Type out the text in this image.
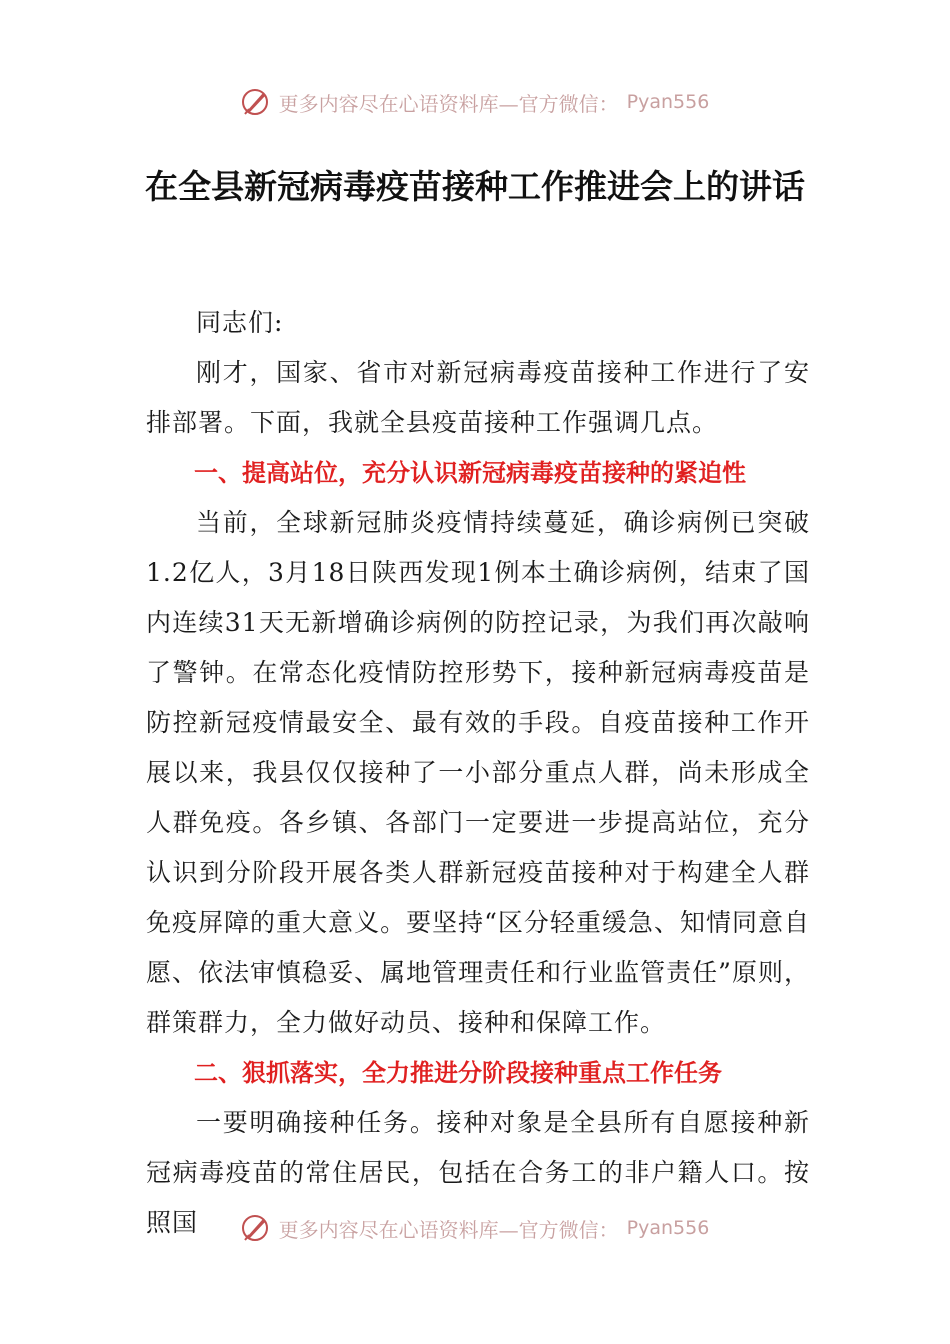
更多内容尽在心语资料库—官方微信： Pyan556
在全县新冠病毒疫苗接种工作推进会上的讲话

同志们:

刚才，国家、省市对新冠病毒疫苗接种工作进行了安排部署。下面，我就全县疫苗接种工作强调几点。

一、提高站位，充分认识新冠病毒疫苗接种的紧迫性

当前，全球新冠肺炎疫情持续蔓延，确诊病例已突破1.2亿人，3月18日陕西发现1例本土确诊病例，结束了国内连续31天无新增确诊病例的防控记录，为我们再次敲响了警钟。在常态化疫情防控形势下，接种新冠病毒疫苗是防控新冠疫情最安全、最有效的手段。自疫苗接种工作开展以来，我县仅仅接种了一小部分重点人群，尚未形成全人群免疫。各乡镇、各部门一定要进一步提高站位，充分认识到分阶段开展各类人群新冠疫苗接种对于构建全人群免疫屏障的重大意义。要坚持“区分轻重缓急、知情同意自愿、依法审慎稳妥、属地管理责任和行业监管责任”原则，群策群力，全力做好动员、接种和保障工作。

二、狠抓落实，全力推进分阶段接种重点工作任务

一要明确接种任务。接种对象是全县所有自愿接种新冠病毒疫苗的常住居民，包括在合务工的非户籍人口。按照国	更多内容尽在心语资料库—官方微信： Pyan556
